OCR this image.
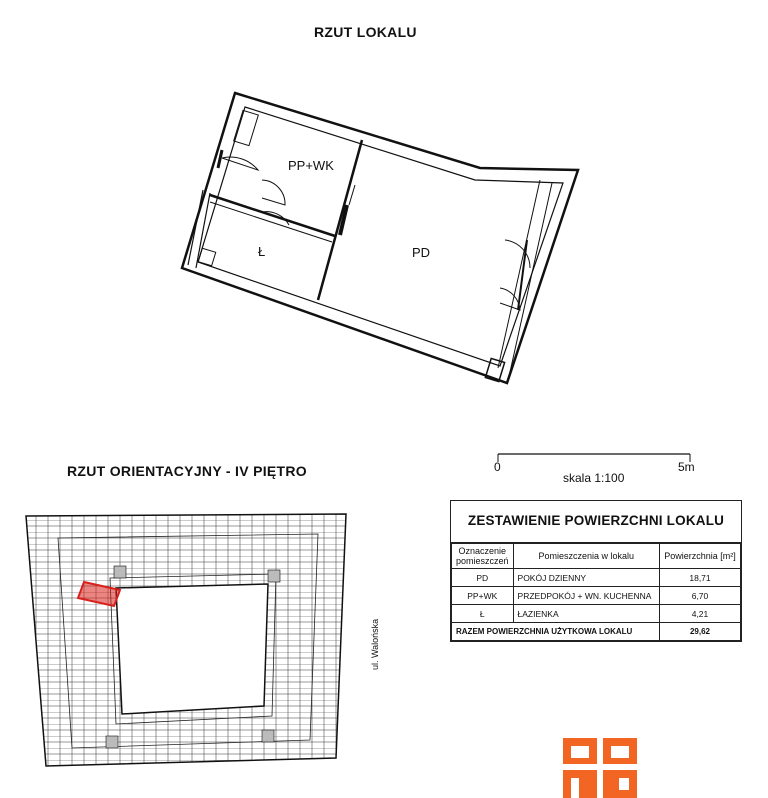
RZUT LOKALU
PP+WK
Ł	PD
0	5m
skala 1:100
RZUT ORIENTACYJNY - IV PIĘTRO
ul. Walońska
ZESTAWIENIE POWIERZCHNI LOKALU
Oznaczenie pomieszczeń	Pomieszczenia w lokalu	Powierzchnia [m²]
PD	POKÓJ DZIENNY	18,71
PP+WK	PRZEDPOKÓJ + WN. KUCHENNA	6,70
Ł	ŁAZIENKA	4,21
RAZEM POWIERZCHNIA UŻYTKOWA LOKALU		29,62
